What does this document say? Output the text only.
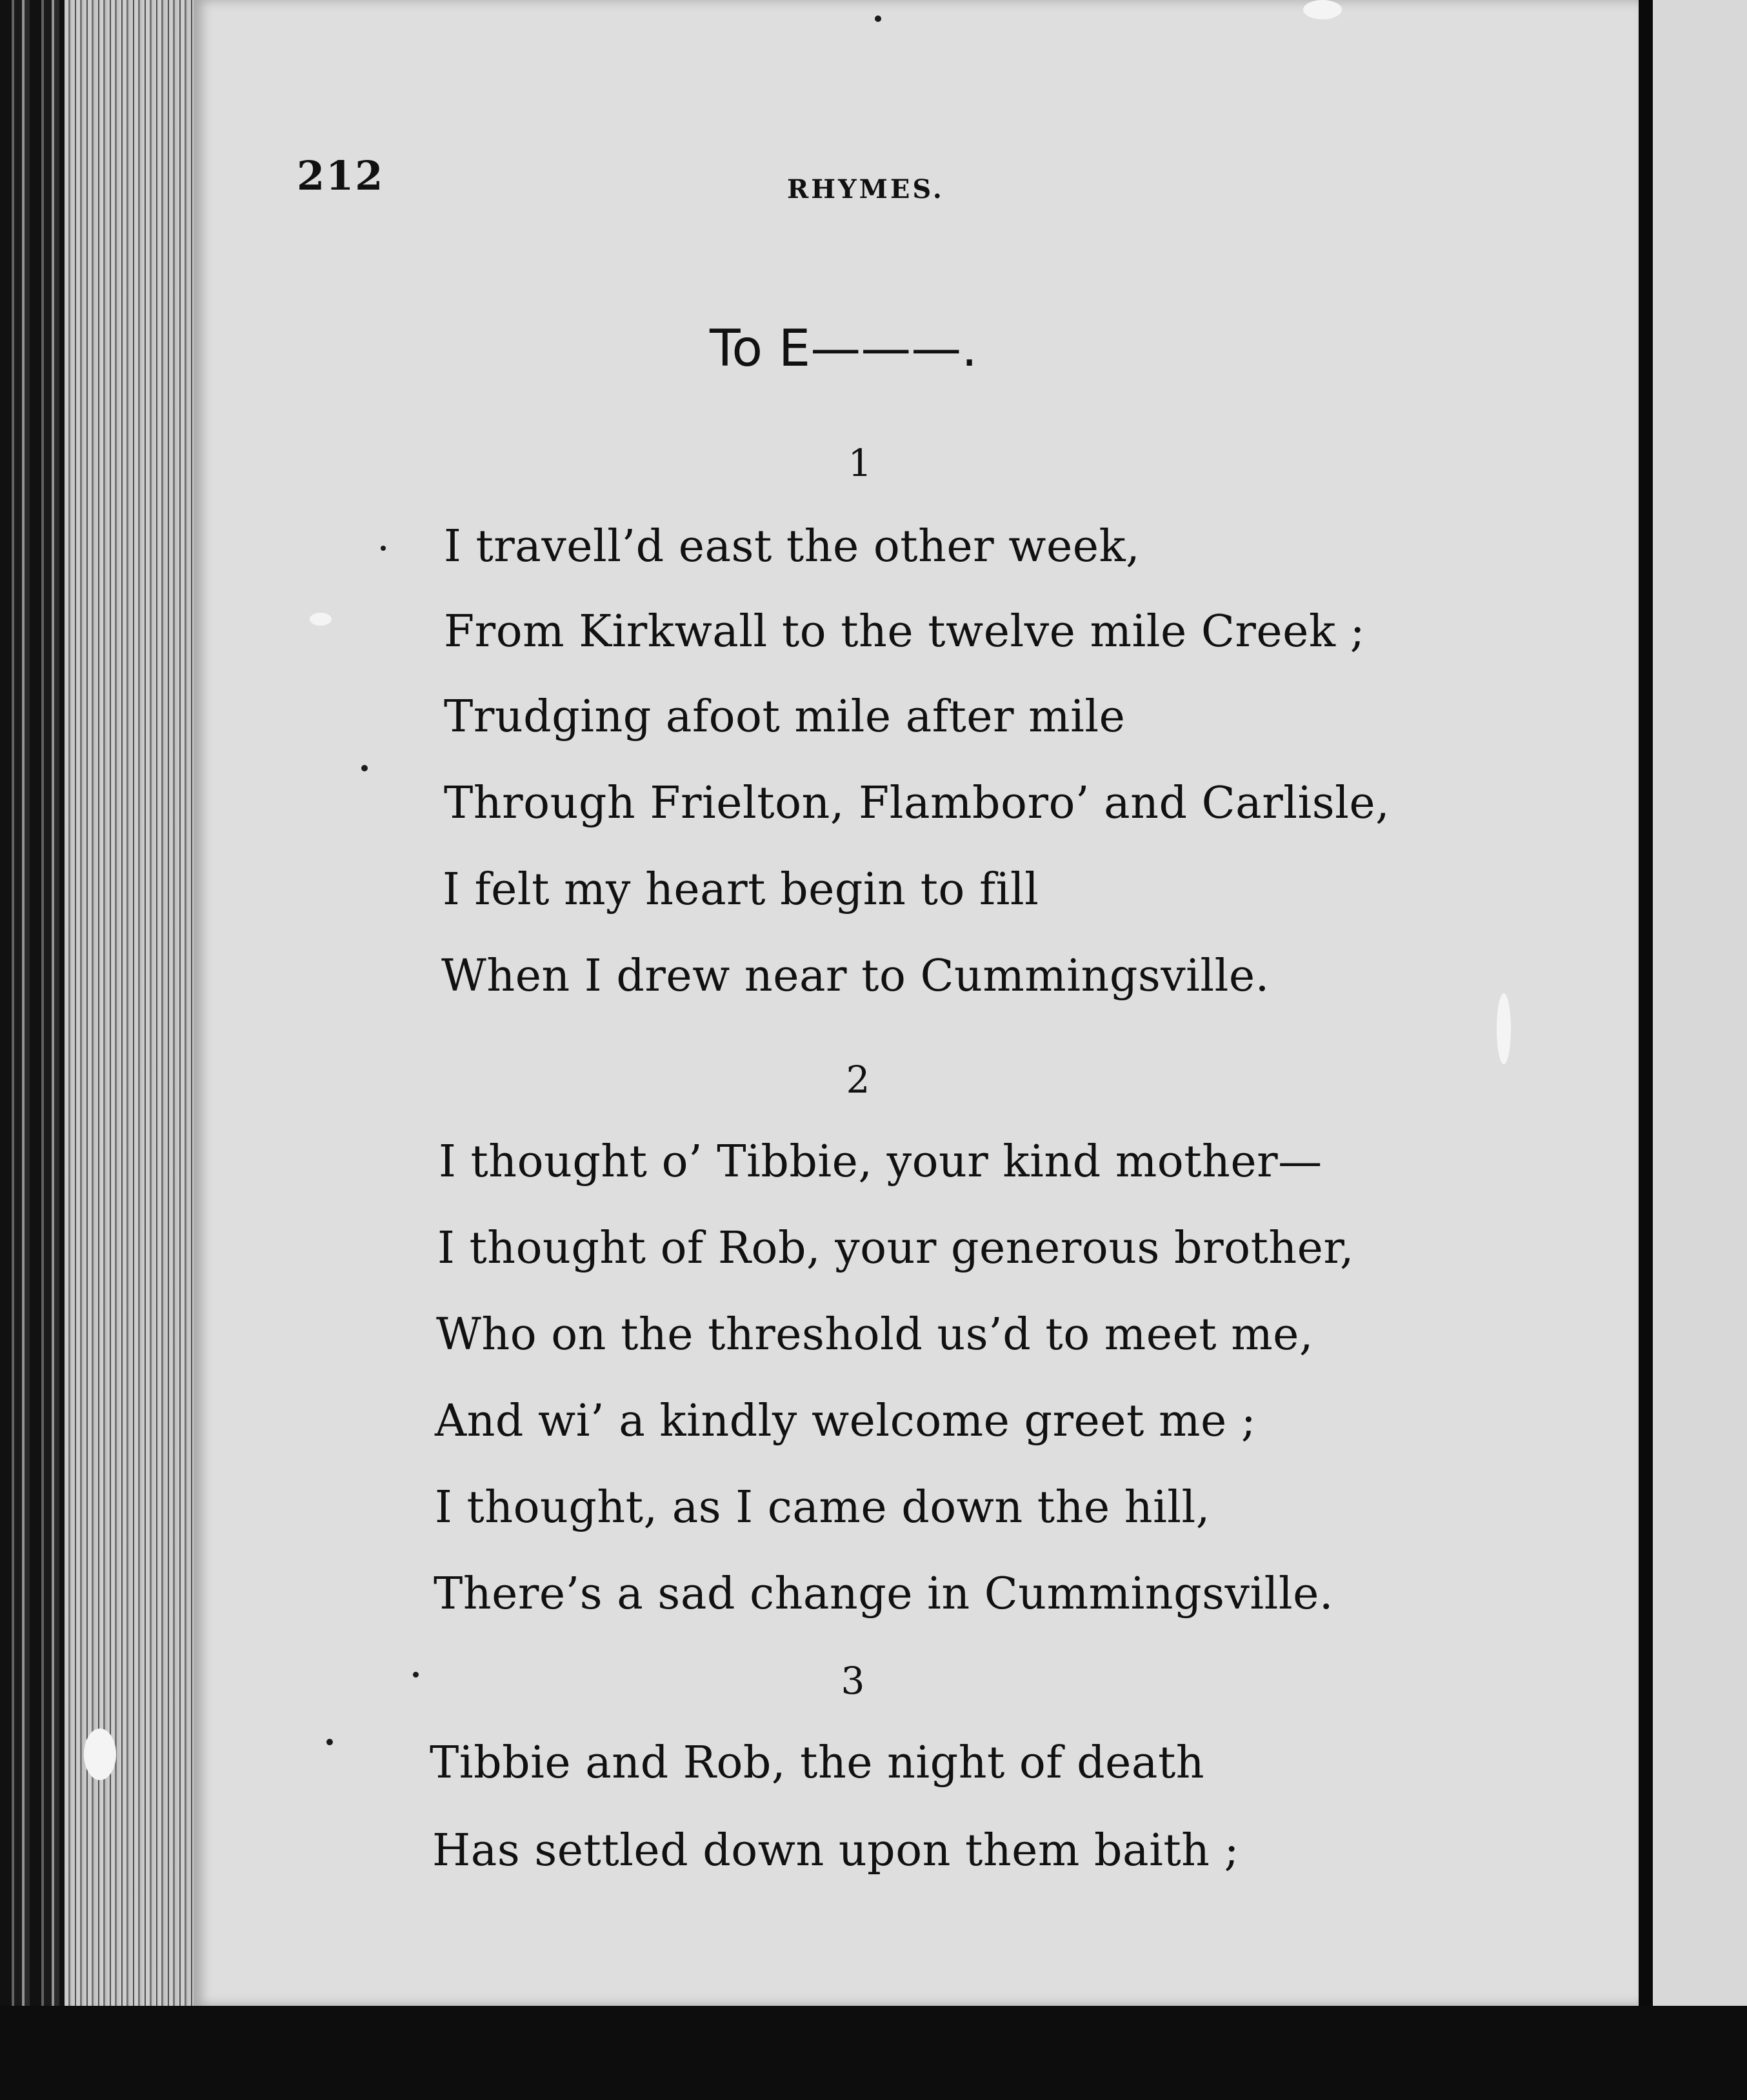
212	RHYMES.
To E———.
1
I travell’d east the other week,
From Kirkwall to the twelve mile Creek ;
Trudging afoot mile after mile
Through Frielton, Flamboro’ and Carlisle,
I felt my heart begin to fill
When I drew near to Cummingsville.
2
I thought o’ Tibbie, your kind mother—
I thought of Rob, your generous brother,
Who on the threshold us’d to meet me,
And wi’ a kindly welcome greet me ;
I thought, as I came down the hill,
There’s a sad change in Cummingsville.
3
Tibbie and Rob, the night of death
Has settled down upon them baith ;
